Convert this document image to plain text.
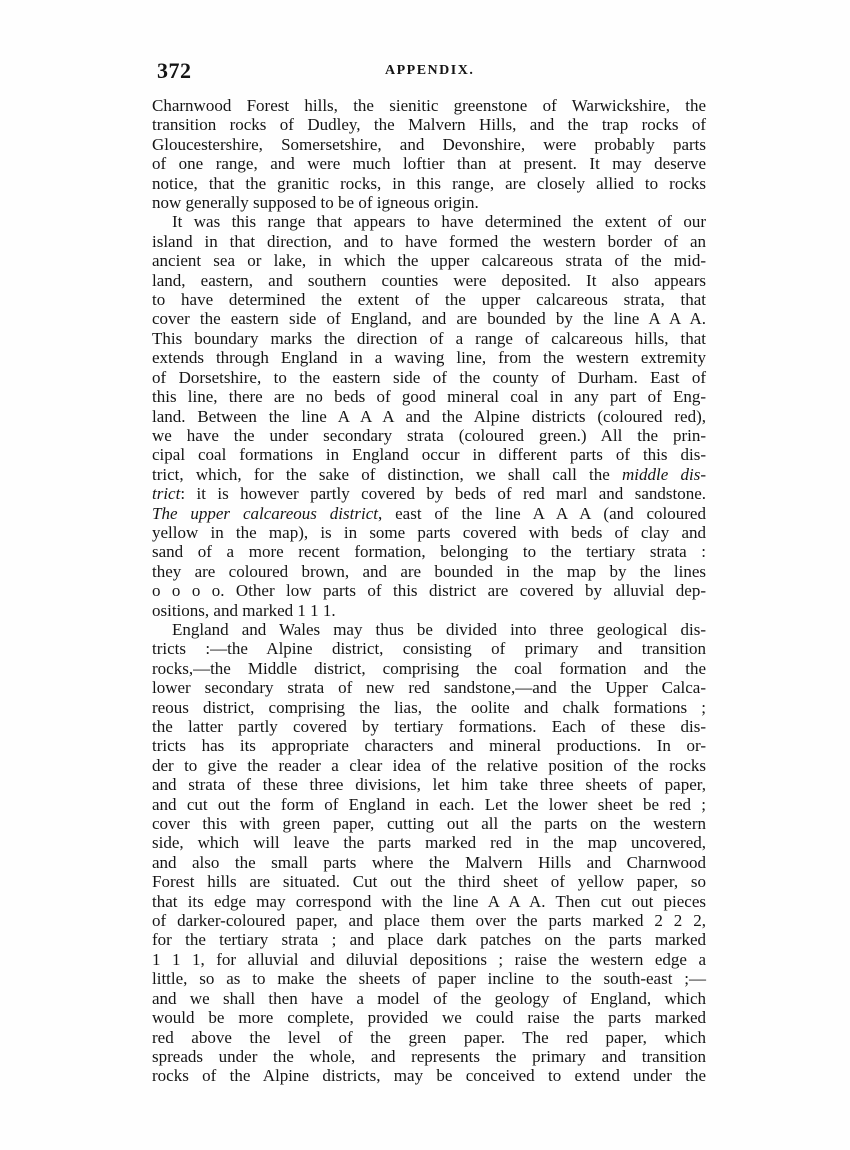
372	APPENDIX.

Charnwood Forest hills, the sienitic greenstone of Warwickshire, the

transition rocks of Dudley, the Malvern Hills, and the trap rocks of

Gloucestershire, Somersetshire, and Devonshire, were probably parts

of one range, and were much loftier than at present. It may deserve

notice, that the granitic rocks, in this range, are closely allied to rocks

now generally supposed to be of igneous origin.

It was this range that appears to have determined the extent of our

island in that direction, and to have formed the western border of an

ancient sea or lake, in which the upper calcareous strata of the mid-

land, eastern, and southern counties were deposited. It also appears

to have determined the extent of the upper calcareous strata, that

cover the eastern side of England, and are bounded by the line A A A.

This boundary marks the direction of a range of calcareous hills, that

extends through England in a waving line, from the western extremity

of Dorsetshire, to the eastern side of the county of Durham. East of

this line, there are no beds of good mineral coal in any part of Eng-

land. Between the line A A A and the Alpine districts (coloured red),

we have the under secondary strata (coloured green.) All the prin-

cipal coal formations in England occur in different parts of this dis-

trict, which, for the sake of distinction, we shall call the middle dis-

trict: it is however partly covered by beds of red marl and sandstone.

The upper calcareous district, east of the line A A A (and coloured

yellow in the map), is in some parts covered with beds of clay and

sand of a more recent formation, belonging to the tertiary strata :

they are coloured brown, and are bounded in the map by the lines

o o o o. Other low parts of this district are covered by alluvial dep-

ositions, and marked 1 1 1.

England and Wales may thus be divided into three geological dis-

tricts :—the Alpine district, consisting of primary and transition

rocks,—the Middle district, comprising the coal formation and the

lower secondary strata of new red sandstone,—and the Upper Calca-

reous district, comprising the lias, the oolite and chalk formations ;

the latter partly covered by tertiary formations. Each of these dis-

tricts has its appropriate characters and mineral productions. In or-

der to give the reader a clear idea of the relative position of the rocks

and strata of these three divisions, let him take three sheets of paper,

and cut out the form of England in each. Let the lower sheet be red ;

cover this with green paper, cutting out all the parts on the western

side, which will leave the parts marked red in the map uncovered,

and also the small parts where the Malvern Hills and Charnwood

Forest hills are situated. Cut out the third sheet of yellow paper, so

that its edge may correspond with the line A A A. Then cut out pieces

of darker-coloured paper, and place them over the parts marked 2 2 2,

for the tertiary strata ; and place dark patches on the parts marked

1 1 1, for alluvial and diluvial depositions ; raise the western edge a

little, so as to make the sheets of paper incline to the south-east ;—

and we shall then have a model of the geology of England, which

would be more complete, provided we could raise the parts marked

red above the level of the green paper. The red paper, which

spreads under the whole, and represents the primary and transition

rocks of the Alpine districts, may be conceived to extend under the
